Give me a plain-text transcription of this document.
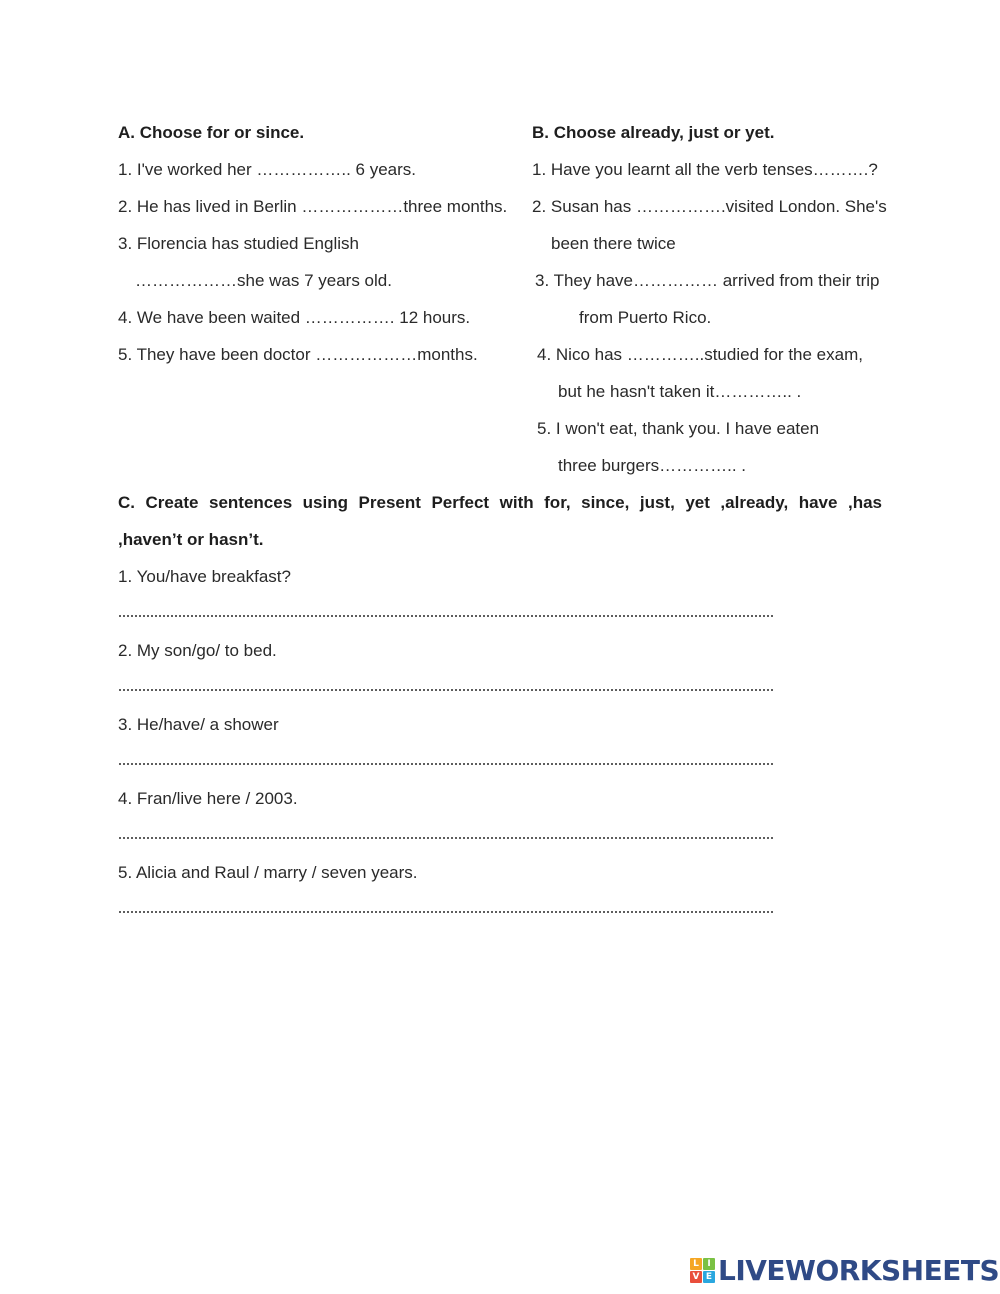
A. Choose for or since.

1. I've worked her …………….. 6 years.

2. He has lived in Berlin ………………three months.

3. Florencia has studied English

………………she was 7 years old.

4. We have been waited ……………. 12 hours.

5. They have been doctor ………………months.

B. Choose already, just or yet.

1. Have you learnt all the verb tenses……….?

2. Susan has …………….visited London. She's

been there twice

3. They have…………… arrived from their trip

from Puerto Rico.

4. Nico has …………..studied for the exam,

but he hasn't taken it………….. .

5. I won't eat, thank you. I have eaten

three burgers………….. .

C. Create sentences using Present Perfect with for, since, just, yet ,already, have ,has

,haven’t or hasn’t.

1. You/have breakfast?

2. My son/go/ to bed.

3. He/have/ a shower

4. Fran/live here / 2003.

5. Alicia and Raul / marry / seven years.

L I
V E LIVEWORKSHEETS
